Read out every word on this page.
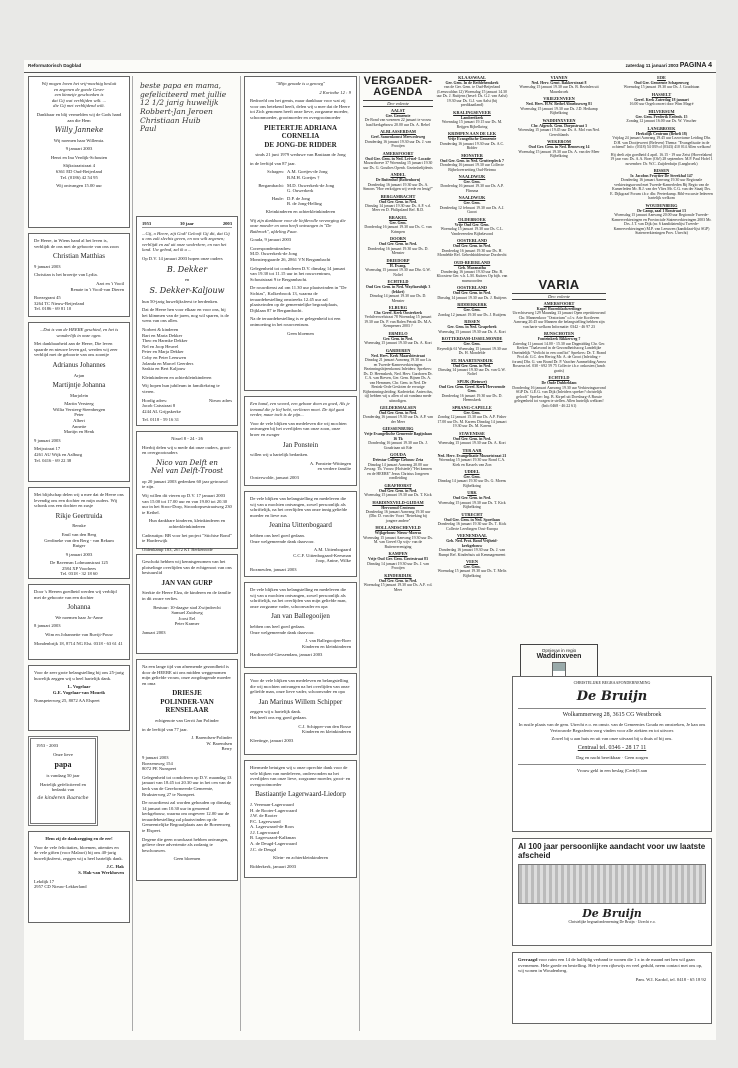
Reformatorisch Dagblad	zaterdag 11 januari 2003 PAGINA 4

Wij mogen loven het vrij-machtig besluit
en zegenen de goede Gever
een kinnetje geschonken is
dat Gij wat verblijden wilt. ...
die Gij met verblijdend wilt.

Dankbaar en blij vermelden wij de Gods hand aan die Hem

Willy Janneke

Wij noemen haar Willemia.

9 januari 2003

Henri en Ina Verdijk-Schouten

Slijkstraatstraat 4
6361 ED Oud-Beijerland
Tel. (0186) 42 54 95

Wij ontvangen 15.00 uur

De Heere, in Wiens hand al het leven is, verblijdt de ons met de geboorte van ons zoon

Christian Matthias

9 januari 2003

Christian is het broertje van Lydia.

Aart en 't Vooil
Renate in 't Vooil-van Dieren

Boezegrant 45
3264 TC Nieuw-Beijerland
Tel. 0186 - 69 81 10

...Dat is van de HEERE geschied, en het is wonderlijk in onze ogen.

Met dankbaarheid aan de Heere, Die leven spaarde en nieuwe leven gaf, werden wij zeer verblijd met de geboorte van ons zoontje

Adrianus Johannes

Arjan

Martijntje Johanna

Marjolein

Martin Versteeg
Willia Versteeg-Steenbergen
Peter
Albert
Annette
Martijn en Henk

9 januari 2003

Meijsstraat 17
4261 AU Wijk en Aalburg
Tel. 0416 - 69 22 38

Met blijdschap delen wij u mee dat de Heere ons levendig ons een dochter en mijn ouders. Wij schonk ons een dochter en zusje

Rikje Geertruida

Renske

Emil van den Berg
Gerdineke van den Berg - van Rekum
Rutger

9 januari 2003

De Ravensm Lohmanstraat 125
2584 XP Voorhees
Tel. 0318 - 32 18 60

Door 's Heeren goedheid werden wij verblijd met de geboorte van een dochter

Johanna

We noemen haar Jo-Anne

8 januari 2003

Wim en Johannette van Ruvijt-Pouw

Mondenbrijk 18, 8714 NG Elst. 0318 - 63 61 41

Voor de zeer grote belangstelling bij ons 25-jarig huwelijk zeggen wij u heel hartelijk dank.

L. Vogelaar
G.E. Vogelaar-van Mourik

Nunspeterweg 25, 8072 AA Elspeet

1953 - 2003

Onze lieve

papa

is vandaag 50 jaar

Hartelijk gefeliciteerd en bedankt van

de kinderen Baarsche

Hem zij de dankzegging en de eer!

Voor de vele felicitaties, bloemen, attenties en de vele giften (voor Malawi) bij ons 40-jarig huwelijksfeest, zeggen wij u heel hartelijk dank.

J.C. Hak
S. Hak-van Werkhoven

Lekdijk 17
2957 CD Nieuw-Lekkerland

beste papa en mama,
gefeliciteerd met jullie
12 1/2 jarig huwelijk
Robbert-Jan Jeroen
Christiaan Huib
Paul
1953	30 jaar	2003

...Gij, o Heere, zijt God! Gelooft Gij dit, dat Gij u ons zult slechts geven, en ons wilt zegenen; verblijdt en zal uit onze wederkere, en van het land. Uw gebod, zal ik u ...

Op D.V. 14 januari 2003 hopen onze ouders

B. Dekker

en

S. Dekker-Kaljouw

hun 50-jarig huwelijksfeest te herdenken.

Dat de Heere hen voor elkaar en voor ons, bij het klimmen van de jaren, nog wil sparen, is de wens van ons allen.

Norbert & kinderen
Bart en Maria Dekker
Theo en Harmke Dekker
Nel en Joop Heuvel
Peter en Marja Dekker
Coby en Peter Leeuwen
Jolanda en Marcel Geerders
Saskia en Bert Kaljouw

Kleinkinderen en achterkleinkinderen

Wij hopen hun jubileum in familiekring te vieren.

Hordig adres:	Nieuw adres

Jacob Catsstraat 8
4244 AL Grijpskerke

Tel. 0118 - 59 16 31

Nissel 8 - 24 - 26

Hierbij delen wij u mede dat onze ouders, groot- en overgrootouders

Nico van Delft en
Nel van Delft-Troost

op 20 januari 2003 gedenken 60 jaar getrouwd te zijn.

Wij willen dit vieren op D.V. 17 januari 2003 van 15.00 tot 17.00 uur en van 19.00 tot 20.30 uur in het Stroo-Dorp, Stroodorpsestraatweg 230 te Kethel.

Hun dankbare kinderen, kleinkinderen en achterkleinkinderen

Cadeautips: BB voor het project "Stichtse Bond" te Harderwijk

Oldenkamp 183, 2672 KT Berkenrode

Geschokt hebben wij kennisgenomen van het plotselinge overlijden van de echtgenoot van ons bestuurslid

JAN VAN GURP

Sterkte de Heere Elza, de kinderen en de familie in dit zware verlies.

Bestuur: 10-daagse stad Zwijndrecht
Samuel Zuidweg
Joost Eel
Peter Kramer

Januari 2003

Na een lange tijd van afnemende gezondheid is door de HEERE uit ons midden weggenomen mijn geliefde vrouw, onze zorgdragende moeder en oma

DRIESJE
POLINDER-VAN RENSELAAR

echtgenote van Gerrit Jan Polinder

in de leeftijd van 77 jaar.

J. Barendsen-Polinder
W. Barendsen
Berry

9 januari 2003
Boezemweg 154
8072 PE Nunspeet

Gelegenheid tot condoleren op D.V. maandag 13 januari van 18.45 tot 20.30 uur in het cen van de kerk van de Gereformeerde Gemeente, Bruksterweg 27 te Nunspeet.

De rouwdienst zal worden gehouden op dinsdag 14 januari om 10.30 uur in genoemd kerkgebouw, waarna om ongeveer 12.00 uur de teraardebestelling zal plaatsvinden op de Gemeentelijke Begraafplaats aan de Boerenweg te Elspeet.

Degene die geen rouwkaart hebben ontvangen, gelieve deze advertentie als zodanig te beschouwen.

Geen bloemen

"Mijn genade is u genoeg"

2 Korinthe 12 : 9

Bedroefd om het gemis, maar dankbaar voor wat zij voor ons betekend heeft, delen wij u mee dat de Heere tot Zich genomen heeft onze lieve, zorgzame moeder, schoonmoeder, grootmoeder en overgrootmoeder

PIETERTJE ADRIANA
CORNELIA
DE JONG-DE RIDDER

sinds 21 juni 1979 weduwe van Bastiaan de Jong

in de leeftijd van 87 jaar.

Schagen: A.M. Goetjes-de Jong
B.M.H. Goetjes †
Bergambacht: M.D. Ouwerkerk-de Jong
G. Ouwerkerk
Haule: D.P. de Jong
B. de Jong-Helling

Kleinkinderen en achterkleinkinderen

Wij zijn dankbaar voor de liefdevolle verzorging die onze moeder en oma heeft ontvangen in "De Batbroek", afdeling Faae.

Gouda, 9 januari 2003

Correspondentieadres:
M.D. Ouwerkerk-de Jong
Monsterpgaarde 26, 2861 VN Bergambacht

Gelegenheid tot condoleren D.V. dinsdag 14 januari van 19.30 tot 11.15 uur in het rouwcentrum, Schoutstraat 9 te Bergambacht.

De rouwdienst zal om 11.30 uur plaatsvinden in "De Sichtas", Kolkerbrook 13, waarna de teraardebestelling omstreeks 12.45 uur zal plaatsvinden op de gemeentelijke begraafplaats, Dijklaan 87 te Bergambacht.

Na de teraardebestelling is er gelegenheid tot een ontmoeting in het rouwcentrum.

Geen bloemen

Een hand, een woord, een gebaar doen zo goed, Als je iemand die je lief hebt, verliezen moet. De tijd gaat verder, maar toch is de pijn...

Voor de vele blijken van medeleven die wij mochten ontvangen bij het overlijden van onze zoon, onze broer en zwager

Jan Ponstein

willen wij u hartelijk bedanken.

A. Ponstein-Wittingen
en verdere familie

Oosterwolde, januari 2003

De vele blijken van belangstelling en medeleven die wij van u mochten ontvangen, zowel persoonlijk als schriftelijk, na het overlijden van onze innig geliefde moeder en lieve zus

Jeanina Uittenbogaard

hebben ons heel goed gedaan.
Onze welgemeende dank daarvoor.

A.M. Uittenbogaard
C.C.F. Uittenbogaard-Keesman
Joop, Anine, Wilke

Boxmeulen, januari 2003

De vele blijken van belangstelling en medeleven die wij van u mochten ontvangen, zowel persoonlijk als schriftelijk, na het overlijden van mijn geliefde man, onze zorgzame vader, schoonvader en opa

Jan van Ballegooijen

hebben ons heel goed gedaan.
Onze welgemeende dank daarvoor.

J. van Ballegooijen-Boer
Kinderen en kleinkinderen

Hardinxveld-Giessendam, januari 2003

Voor de vele blijken van medeleven en belangstelling die wij mochten ontvangen na het overlijden van onze geliefde man, onze lieve vader, schoonvader en opa

Jan Marinus Willem Schipper

zeggen wij u hartelijk dank.
Het heeft ons erg goed gedaan.

C.J. Schipper-van den Bosse
Kinderen en kleinkinderen

Kleetinge, januari 2003

Hiermede betuigen wij u onze oprechte dank voor de vele blijken van medeleven, ondervonden na het overlijden van onze lieve, zorgzame moeder, groot- en overgrootmoeder

Bastiaantje Lagerwaard-Liedorp

J. Veerman-Lagerwaard
H. de Rooter-Lagerwaard
J.W. de Rooter
P.C. Lagerwaard
A. Lagerwaard-de Roos
J.J. Lagerwaard
B. Lagerwaard-Kalkman
A. de Deugd-Lagerwaard
J.C. de Deugd

Klein- en achterkleinkinderen

Ridderkerk, januari 2003

VERGADER-
AGENDA
Dee volente
AALST
Ger. Gemeente
De Bond van wezenen 22 januari te vrouw haaf/kerkgebouw 20.00 uur Ds. A. Rebel
ALBLASSERDAM
Gerf. Samenkomst Merwedeweg
Donderdag 16 januari 19.30 uur Ds. J. van Prooijen
AMERSFOORT
Oud Ger. Gem. in Ned. Lei-nel- Locatie
Mozarthoeve 37 Woensdag 15 januari 19.30 uur Ds. G. Gouthes Openb. Gezinsbelijdenis
ANDEL
De Buitenhof (Boltenhorn)
Donderdag 16 januari 19.30 uur Ds. A. Simons "Hoe verkrijgen wij vrede en lenig?"
BERGAMBACHT
Oud Ger. Gem. in Ned.
Dinsdag 14 januari 19.30 uur Ds. A.F. v.d. Meer en D. Philipsland Ref. R.D.
BRAKEL
Ger. Gem.
Donderdag 16 januari 19.30 uur Ds. C. van Krimpen
DOORN
Oud Ger. Gem. in Ned.
Donderdag 16 januari 19.30 uur Ds. D. Menster
DRIEDORP
H. Evang.
Woensdag 15 januari 19.30 uur Dhr. G.W. Noltel
ECHTELD
Oud Ger. Gem. in Ned. Wayfiaruhijk 3 (lekket)
Dinsdag 14 januari 19.30 uur Ds. D. Menster
ELBURG
Chr. Geref. Kerk Oosterkerk
Verhilverwelstraat 78 Woensdag 15 januari 19.30 uur Ds. P. van Balen Petrak Ds. M.A. Kempeners 2003 ?
ERMELO
Ger. Gem. in Ned.
Woensdag 15 januari 19.30 uur Ds. A. Kort
GARDEREN
Ned. Herv. Kerk Maarsbiestraat
Dinsdag 21 januari Aanvang 19.30 uur Lis en Tweede-Kamerverkiezingen Bezinningsbijeenkomst Inleiders: Sprekers: Ds. D. Heemskerk, Ned. Herv. Gardoren Dr. C.A. van Rieven, Ger. Gem. Bijnen Ds. A. van Hemmen, Chr. Gem. in Ned. De Bezink-Orde Gesloten de ervarige Bijbezinningsleiding. Kadertekst. Anten dus, tij) hebben wij u allen of uit vandana mede uitnodigen.
GELDERMALSEN
Oud Ger. Gem. in Ned.
Donderdag 16 januari 19.30 uur Ds. A.P. van der Meer
GIESSENBURG
Vrije Evangelische Gemeente Bagijnlaan 16 Tk
Donderdag 16 januari 19.30 uur Ds. J. Goudriaan uit Ede
GOUDA
Driestar College Gebouw Zeta
Dinsdag 14 januari Aanvang 20.00 uur Zevrag: Th. Vrouw (Hofstede) "Het kennen en de HEERE" Jezus Christus Jongeren rondleiding
GRAFHORST
Oud Ger. Gem. in Ned.
Woensdag 15 januari 19.30 uur Ds. T. Kick
HARDINXVELD-GIJDAM
Hervormd Centrum
Donderdag 16 januari Aanvang 19.30 uur (Dhr. D. van der Voort "Betreking bij jongere andere"
HOLLANDSCHEVELD
Wijkgebouw Nieuw-Moeras
Woensdag 15 januari Aanvang 19.30 uur Ds. M. van Grevel Op wijs- van de Buitenvereniging
KAMPEN
Vrije Oud Ger. Gem. Grotestraat 83
Dinsdag 14 januari 19.30 uur Ds. J. van Prooijen
KINDERDIJK
Oud Ger. Gem. in Ned.
Woensdag 15 januari 19.30 uur Ds. A.F. v.d. Meer
KLAASWAAL
Ger. Gem. In de Bethlehemkerk
van de Ger. Gem. te Oud-Beijerland (Leeuwaldan 12) Woensdag 15 januari 14.30 uur Ds. J. Ruitjens (besef: Ds. G.J. van Aalst) 19.30 uur Ds. G.J. van Aalst (bij predikaatland)
KRALINGSEVEER
Lambertkerk
Woensdag 15 januari 19.15 uur Ds. M. Reijgen Bijbelkring
KRIMPEN AAN DE LEK
Vrije Evangelische Gemeente
Donderdag 16 januari 19.30 uur Ds. A.C. Ridder
MONSTER
Oud Ger. Gem. in Ned. Grutterpleck 7
Donderdag 16 januari 19.30 uur Collecte Bijbeloverzetting Oud-Beirma
NAALDWIJK
Ger. Gem.
Donderdag 16 januari 19.30 uur Ds. A.P. Flinsma
NAALDWIJK
Ger. Gem.
Donderdag 12 februari 19.30 uur Ds. A.J. Gaoot
OLDEBROEK
Vrije Oud Ger. Gem.
Woensdag 15 januari 19.30 uur Ds. C.L. Vandeveerden Bijbelavond
OOSTERLAND
Oud Ger. Gem. in Ned.
Donderdag 16 januari 19.30 uur Ds. H. Mondeble Ref. Gebedsbiddenisse Dordrecht
OUD-BEIERLAND
Geb. Maranatha
Donderdag 16 januari 19.30 uur Dhr. B. Kloosterz Ger. v.h. L.M. Kuiters Op bijb. van manwoorden
OOSTERLAND
Oud Ger. Gem. in Ned.
Dinsdag 14 januari 19.30 uur Ds. J. Ruitjens
RIDDERKERK
Ger. Gem.
Zondag 12 januari 19.30 uur Ds. J. Ruitjens
RISSEN
Ger. Gem. in Ned. Grapebeek
Woensdag 15 januari 19.30 uur Ds. A. Kort
ROTTERDAM-IJSSELMONDE
Ger. Gem.
Reyerdijk 61 Woensdag 15 januari 19.30 uur Ds. H. Mondeble
ST. MAARTENSDIJK
Oud Ger. Gem. in Ned.
Dinsdag 14 januari 19.30 uur Ds. van G.W. Noltel
SPIJK (Betuwe)
Oud Ger. Gem. Geref. Kerk Hervormde Gem.
Donderdag 16 januari 19.30 uur Ds. D. Heemskerk
SPRANG-CAPELLE
Ger. Gem.
Zondag 12 januari 15.30 uur Ds. A.P. Fisher 17.00 uur Ds. M. Karens Dinsdag 14 januari 19.30 uur Ds. M. Karens
STAVENISSE
Oud Ger. Gem. in Ned.
Woensdag 15 januari 19.30 uur Ds. A. Kort
TER AAR
Ned. Herv. Evangelisatie Mozartstraat 21
Woensdag 15 januari 19.30 uur Rond C.A. Kiek en Kassels van Zon
UDDEL
Ger. Gem.
Dinsdag 14 januari 19.30 uur Ds. G. Moens Bijbelkring
URK
Oud Ger. Gem. in Ned.
Woensdag 15 januari 19.30 uur Ds. T. Kick Bijbelkring
UTRECHT
Oud Ger. Gem. in Ned. Sportlaan
Donderdag 16 januari 19.30 uur Ds. T. Kick Collecte Leerlingen Oost-Europa
VEENENDAAL
Geb. Ned. Prot. Bond Vrijheid-kerkgebouw
Donderdag 16 januari 19.30 uur Ds. J. van Rumpt Ref. Kinderhuis uit Kenmagemeent
VEEN
Ger. Gem.
Woensdag 15 januari 19.30 uur Ds. T. Melis Bijbelkring
VIANEN
Ned. Herv. Gemt. Bakkerstraat 8
Woensdag 15 januari 19.30 uur Ds. B. Bezinlen uit Maarsbroek
VRIEZENVEEN
Ned. Herv. H.W. Bethel Almeloseweg 81
Woensdag 15 januari 19.30 uur Ds. J.D. Heikamp Bijbelkring
WADDINXVEEN
Chr. Afgesch. Gem. Dorpsstraat 3
Woensdag 15 januari 19.45 uur Ds. A. Mol van Ned. Gerechlands
WEKEROM
Oud Ger. Gem. in Ned. Benneweg 14
Woensdag 15 januari 19.30 uur Ds. A. van der Meer Bijbelkring
VARIA
Deo volente
AMERSFOORT
Kapel Hoornbladweetlinge
Utrechtseweg 129 Maandag 13 januari Open repetitieavond Chr. Mannenkoor "Oratorium" o.l.v. Arie Kortleven Aanvang 20.45 uur Mannen die belangstelling hebben zijn van harte welkom Informatie: 0342 - 46 97 23
BUNSCHOTEN
Fonteinkerk Rikkerweg 7
Zaterdag 11 januari 14.00 - 15.30 uur Dagmiddag Chr. Ger. Kerken "Taalavond in de Gezondheidszorg Landelijke Oneindelijk "Verlicht in een conflict" Sprekers: Dr. T. Brand Prof.dr. G.C. den Hertog Mr. A. de Groot (Inleiding + forum) Dhr. G. van Brand Dr. P. Vaacher Aanmelding Arnea Bosseus tel. 030 - 692 59 75 Collecte t.b.v. onkosten (lunch gratis)
ECHTELD
De Oude Dubbeldam
Donderdag 16 januari Aanvang 19.30 uur Verkiezingsavond SGP Ds. G.E.G. van Dijk (Inleiders spreker? christelijk gelooft" Spreker: Ing. B. Kirpel uit Doesburg-A Bussie gelegenheid tot vragen te stellen. Allen hartelijk welkom! (Info 0468 - 46 22 61)
Opnieuw in regio
Waddinxveen
EDE
Oud Ger. Gemeente Schapenweg
Woensdag 15 januari 19.30 uur Ds. J. Goudriaan
HASSELT
Geref. Kerk Zaterdag 18 januari
16.00 uur Orgelconcert door Wim Magré
HILVERSUM
Ger. Gem. Frederik Eedenh. 15
Zondag 12 januari 16.00 uur Ds. W. Visscher
LANGBROEK
Herkolijk Centrum (Beheli 18)
Vrijdag 24 januari Aanvang 19.45 uur Lezovianse Leiding Dhr. D.H. van Dooijeweert (Beleven) Thema: "Evangelisatie in de ochtend" Info: (0318) 54 039 of (0343) 410 014 Allen welkom!
Hij deelt zijn goedheid 4 april. 16.15 - 19 uur Zeist (Hoevelaken) 19 jaar van: Ds. A.A. Boer (Oh!) 28 september. M.P. Paul Hofel 1 november: Dr. W.C. Zuijderduijn (Langbroek)
RISSEN
Ir. Jacobus Fruytier De Streekhal 147
Donderdag 16 januari Aanvang 19.30 uur Regionale verkiezingsavond met Tweede-Kamerleden Bij Regio van de Kamerleden Mr. B.J. van der Vlies Mr. C.G. van der Staaij Drs. E. Dijkgraaf Forum t.b.v. dhr. Peeterkamp. Bibl-excursie Iedereen hartelijk welkom
WOUDENBERG
De Camp, zaal 1 Bosstraat 13
Woensdag 15 januari Aanvang 20.00 uur Regionale Tweede-Kamerverkiezingen en Provinciale Statenverkiezingen 2003 Mr. Drs. J.T. van Dijk (nr. 6 kandidatenlijst Tweede-Kamerverkiezingen) M.P. van Leeuwen (kandidaat-lijst SGP) Statenverkiezingen Prov. Utrecht)

CHRISTELIJKE BEGRAAFONDERNEMING

De Bruijn

Wolkammerweg 28, 3615 CG Westbroek

In rustle plaats van de gem. Utrecht e.o. en omstr. van de Gemeentes Gouda en omstreken, Je kan ons Vertrouwde Begrafenis-zorg vinden voor alle ziekten en tot uitvoer.

Zowel bij u aan huis en uit van onze uitvaart bij u thuis of bij ons.

Centraal tel. 0346 - 28 17 11

Dag en nacht bereikbaar · Geen zorgen

Vrouw gekl in een beslag (Cede)3 aan

Al 100 jaar persoonlijke aandacht voor uw laatste afscheid

De Bruijn

Christelijke begraafonderneming De Bruijn · Utrecht e.o.

Gevraagd voor ruim een 14 de halfijdig verband te wonen die 1 x in de maand net hen wil gaan overnemen. Hele goede en bestelling. Heb je een rijbewijs en veel geduld, neem contact met ons op, wij wonen in Woudenberg.

Pam. W.I. Kardol, tel. 0418 - 65 18 92
